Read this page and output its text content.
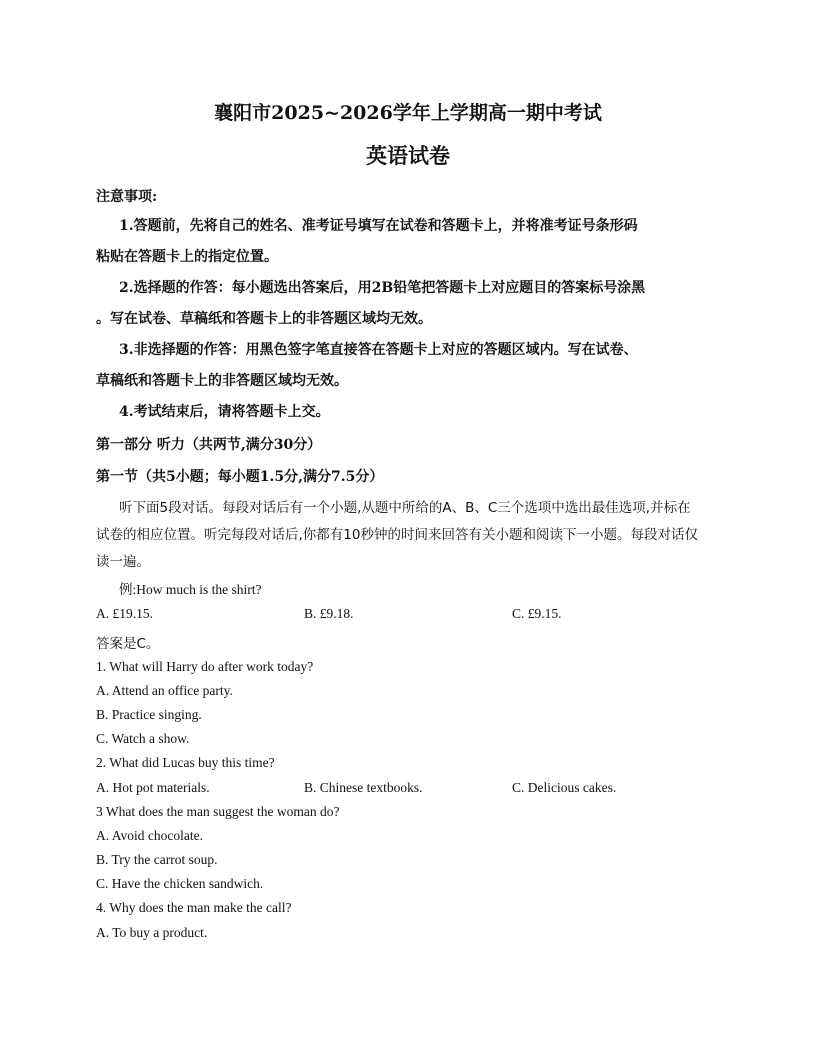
襄阳市2025~2026学年上学期高一期中考试
英语试卷
注意事项:
1.答题前，先将自己的姓名、准考证号填写在试卷和答题卡上，并将准考证号条形码
粘贴在答题卡上的指定位置。
2.选择题的作答：每小题选出答案后，用2B铅笔把答题卡上对应题目的答案标号涂黑
。写在试卷、草稿纸和答题卡上的非答题区域均无效。
3.非选择题的作答：用黑色签字笔直接答在答题卡上对应的答题区域内。写在试卷、
草稿纸和答题卡上的非答题区域均无效。
4.考试结束后，请将答题卡上交。
第一部分 听力（共两节,满分30分）
第一节（共5小题；每小题1.5分,满分7.5分）
听下面5段对话。每段对话后有一个小题,从题中所给的A、B、C三个选项中选出最佳选项,并标在
试卷的相应位置。听完每段对话后,你都有10秒钟的时间来回答有关小题和阅读下一小题。每段对话仅
读一遍。
例:How much is the shirt?
A. £19.15.	B. £9.18.	C. £9.15.
答案是C。
1. What will Harry do after work today?
A. Attend an office party.
B. Practice singing.
C. Watch a show.
2. What did Lucas buy this time?
A. Hot pot materials.	B. Chinese textbooks.	C. Delicious cakes.
3 What does the man suggest the woman do?
A. Avoid chocolate.
B. Try the carrot soup.
C. Have the chicken sandwich.
4. Why does the man make the call?
A. To buy a product.
